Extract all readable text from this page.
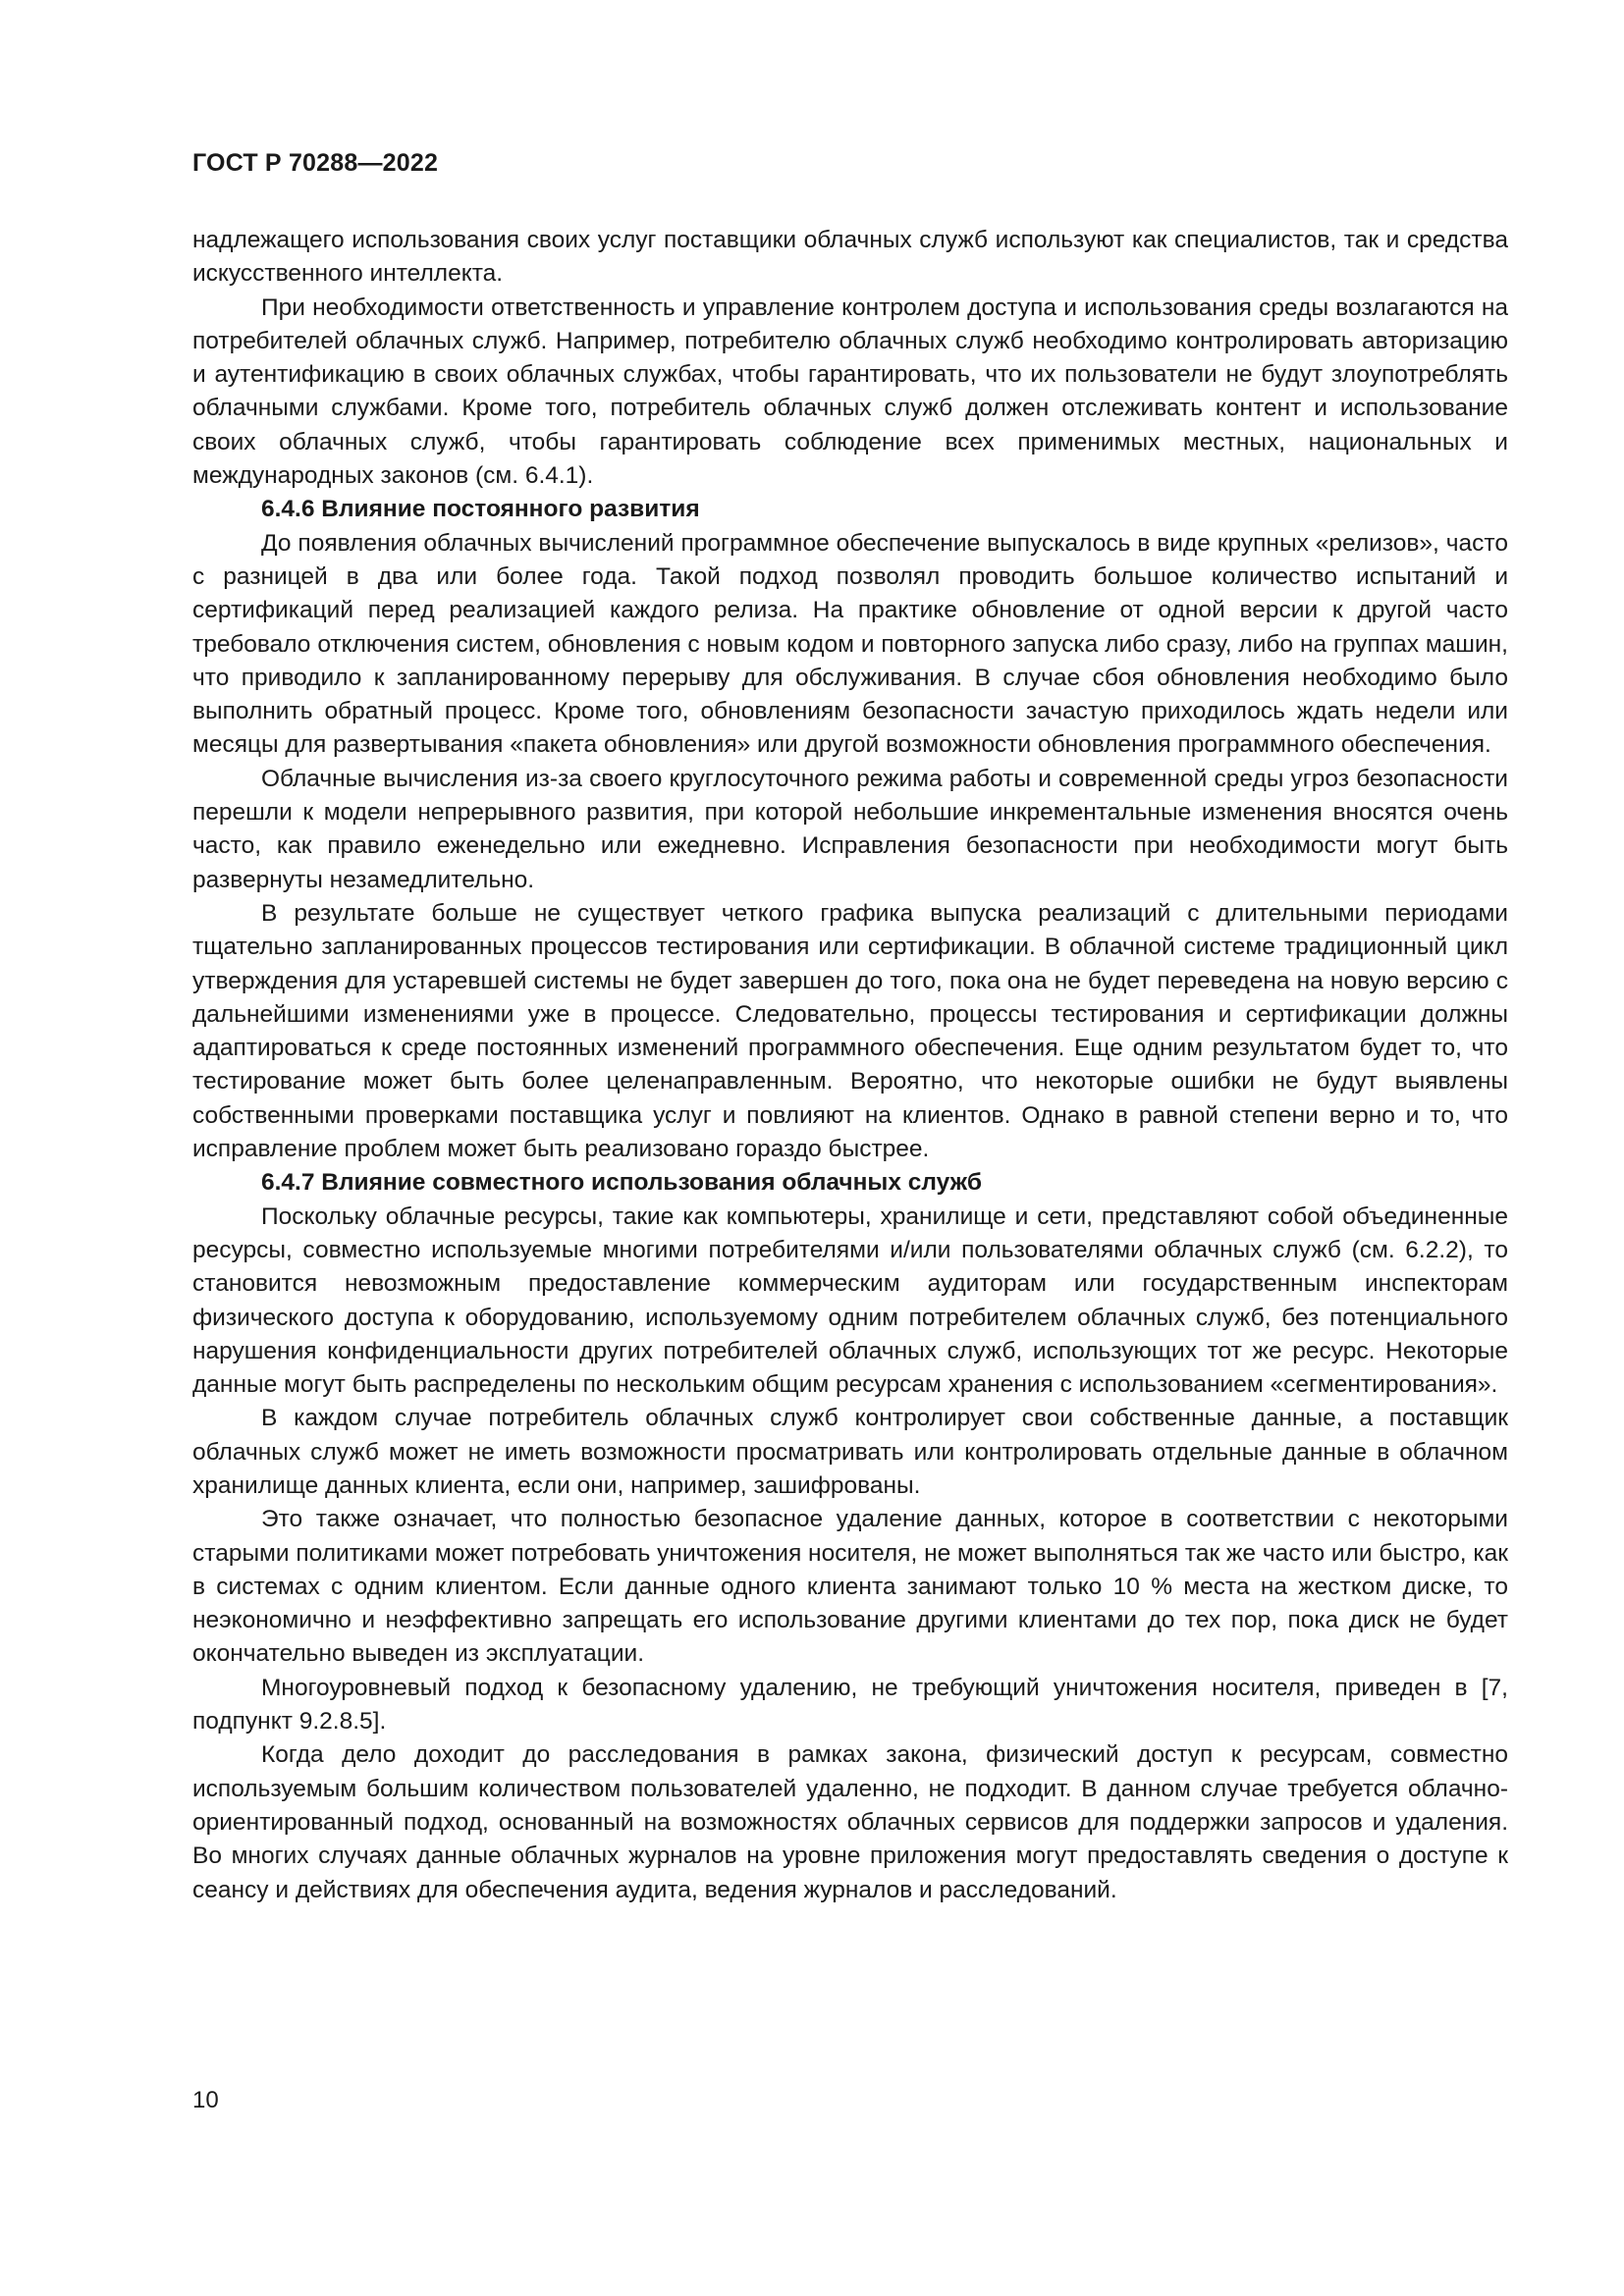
ГОСТ Р 70288—2022

надлежащего использования своих услуг поставщики облачных служб используют как специалистов, так и средства искусственного интеллекта.

При необходимости ответственность и управление контролем доступа и использования среды возлагаются на потребителей облачных служб. Например, потребителю облачных служб необходимо контролировать авторизацию и аутентификацию в своих облачных службах, чтобы гарантировать, что их пользователи не будут злоупотреблять облачными службами. Кроме того, потребитель облачных служб должен отслеживать контент и использование своих облачных служб, чтобы гарантировать соблюдение всех применимых местных, национальных и международных законов (см. 6.4.1).

6.4.6 Влияние постоянного развития

До появления облачных вычислений программное обеспечение выпускалось в виде крупных «релизов», часто с разницей в два или более года. Такой подход позволял проводить большое количество испытаний и сертификаций перед реализацией каждого релиза. На практике обновление от одной версии к другой часто требовало отключения систем, обновления с новым кодом и повторного запуска либо сразу, либо на группах машин, что приводило к запланированному перерыву для обслуживания. В случае сбоя обновления необходимо было выполнить обратный процесс. Кроме того, обновлениям безопасности зачастую приходилось ждать недели или месяцы для развертывания «пакета обновления» или другой возможности обновления программного обеспечения.

Облачные вычисления из-за своего круглосуточного режима работы и современной среды угроз безопасности перешли к модели непрерывного развития, при которой небольшие инкрементальные изменения вносятся очень часто, как правило еженедельно или ежедневно. Исправления безопасности при необходимости могут быть развернуты незамедлительно.

В результате больше не существует четкого графика выпуска реализаций с длительными периодами тщательно запланированных процессов тестирования или сертификации. В облачной системе традиционный цикл утверждения для устаревшей системы не будет завершен до того, пока она не будет переведена на новую версию с дальнейшими изменениями уже в процессе. Следовательно, процессы тестирования и сертификации должны адаптироваться к среде постоянных изменений программного обеспечения. Еще одним результатом будет то, что тестирование может быть более целенаправленным. Вероятно, что некоторые ошибки не будут выявлены собственными проверками поставщика услуг и повлияют на клиентов. Однако в равной степени верно и то, что исправление проблем может быть реализовано гораздо быстрее.

6.4.7 Влияние совместного использования облачных служб

Поскольку облачные ресурсы, такие как компьютеры, хранилище и сети, представляют собой объединенные ресурсы, совместно используемые многими потребителями и/или пользователями облачных служб (см. 6.2.2), то становится невозможным предоставление коммерческим аудиторам или государственным инспекторам физического доступа к оборудованию, используемому одним потребителем облачных служб, без потенциального нарушения конфиденциальности других потребителей облачных служб, использующих тот же ресурс. Некоторые данные могут быть распределены по нескольким общим ресурсам хранения с использованием «сегментирования».

В каждом случае потребитель облачных служб контролирует свои собственные данные, а поставщик облачных служб может не иметь возможности просматривать или контролировать отдельные данные в облачном хранилище данных клиента, если они, например, зашифрованы.

Это также означает, что полностью безопасное удаление данных, которое в соответствии с некоторыми старыми политиками может потребовать уничтожения носителя, не может выполняться так же часто или быстро, как в системах с одним клиентом. Если данные одного клиента занимают только 10 % места на жестком диске, то неэкономично и неэффективно запрещать его использование другими клиентами до тех пор, пока диск не будет окончательно выведен из эксплуатации.

Многоуровневый подход к безопасному удалению, не требующий уничтожения носителя, приведен в [7, подпункт 9.2.8.5].

Когда дело доходит до расследования в рамках закона, физический доступ к ресурсам, совместно используемым большим количеством пользователей удаленно, не подходит. В данном случае требуется облачно-ориентированный подход, основанный на возможностях облачных сервисов для поддержки запросов и удаления. Во многих случаях данные облачных журналов на уровне приложения могут предоставлять сведения о доступе к сеансу и действиях для обеспечения аудита, ведения журналов и расследований.

10
